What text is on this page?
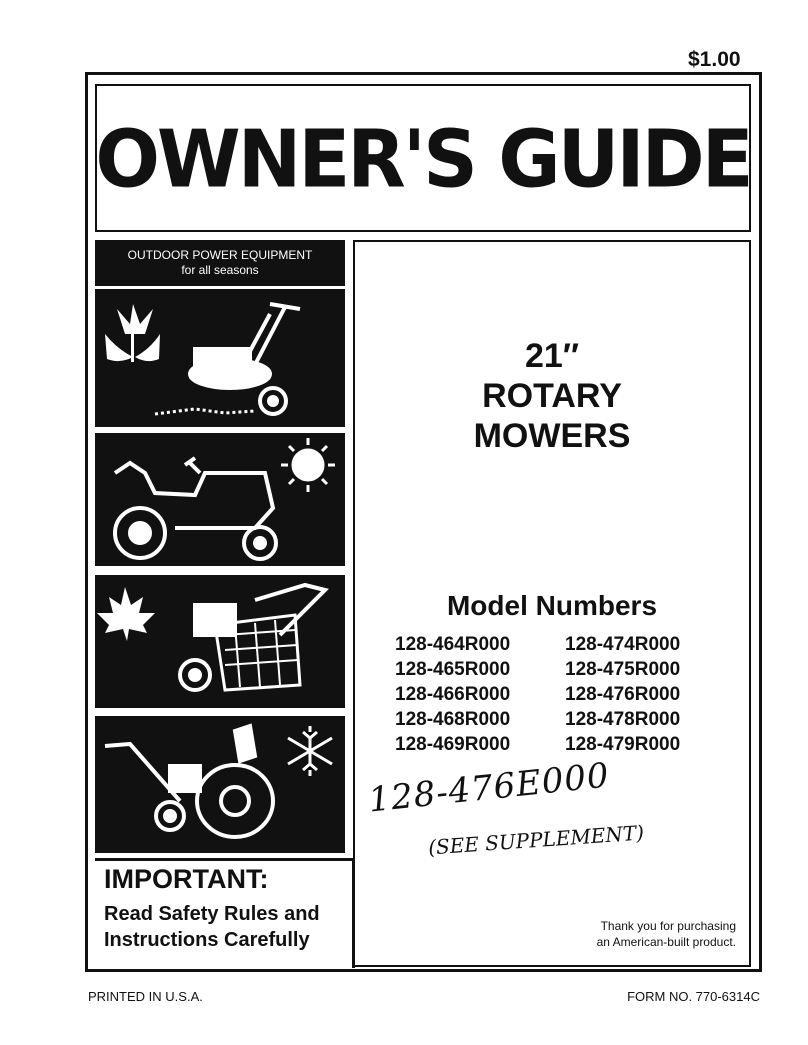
$1.00
OWNER'S GUIDE
OUTDOOR POWER EQUIPMENT
for all seasons
21″
ROTARY
MOWERS
Model Numbers
128-464R000	128-474R000
128-465R000	128-475R000
128-466R000	128-476R000
128-468R000	128-478R000
128-469R000	128-479R000
128-476E000
(SEE SUPPLEMENT)
IMPORTANT:
Read Safety Rules and
Instructions Carefully
Thank you for purchasing
an American-built product.
PRINTED IN U.S.A.	FORM NO. 770-6314C
